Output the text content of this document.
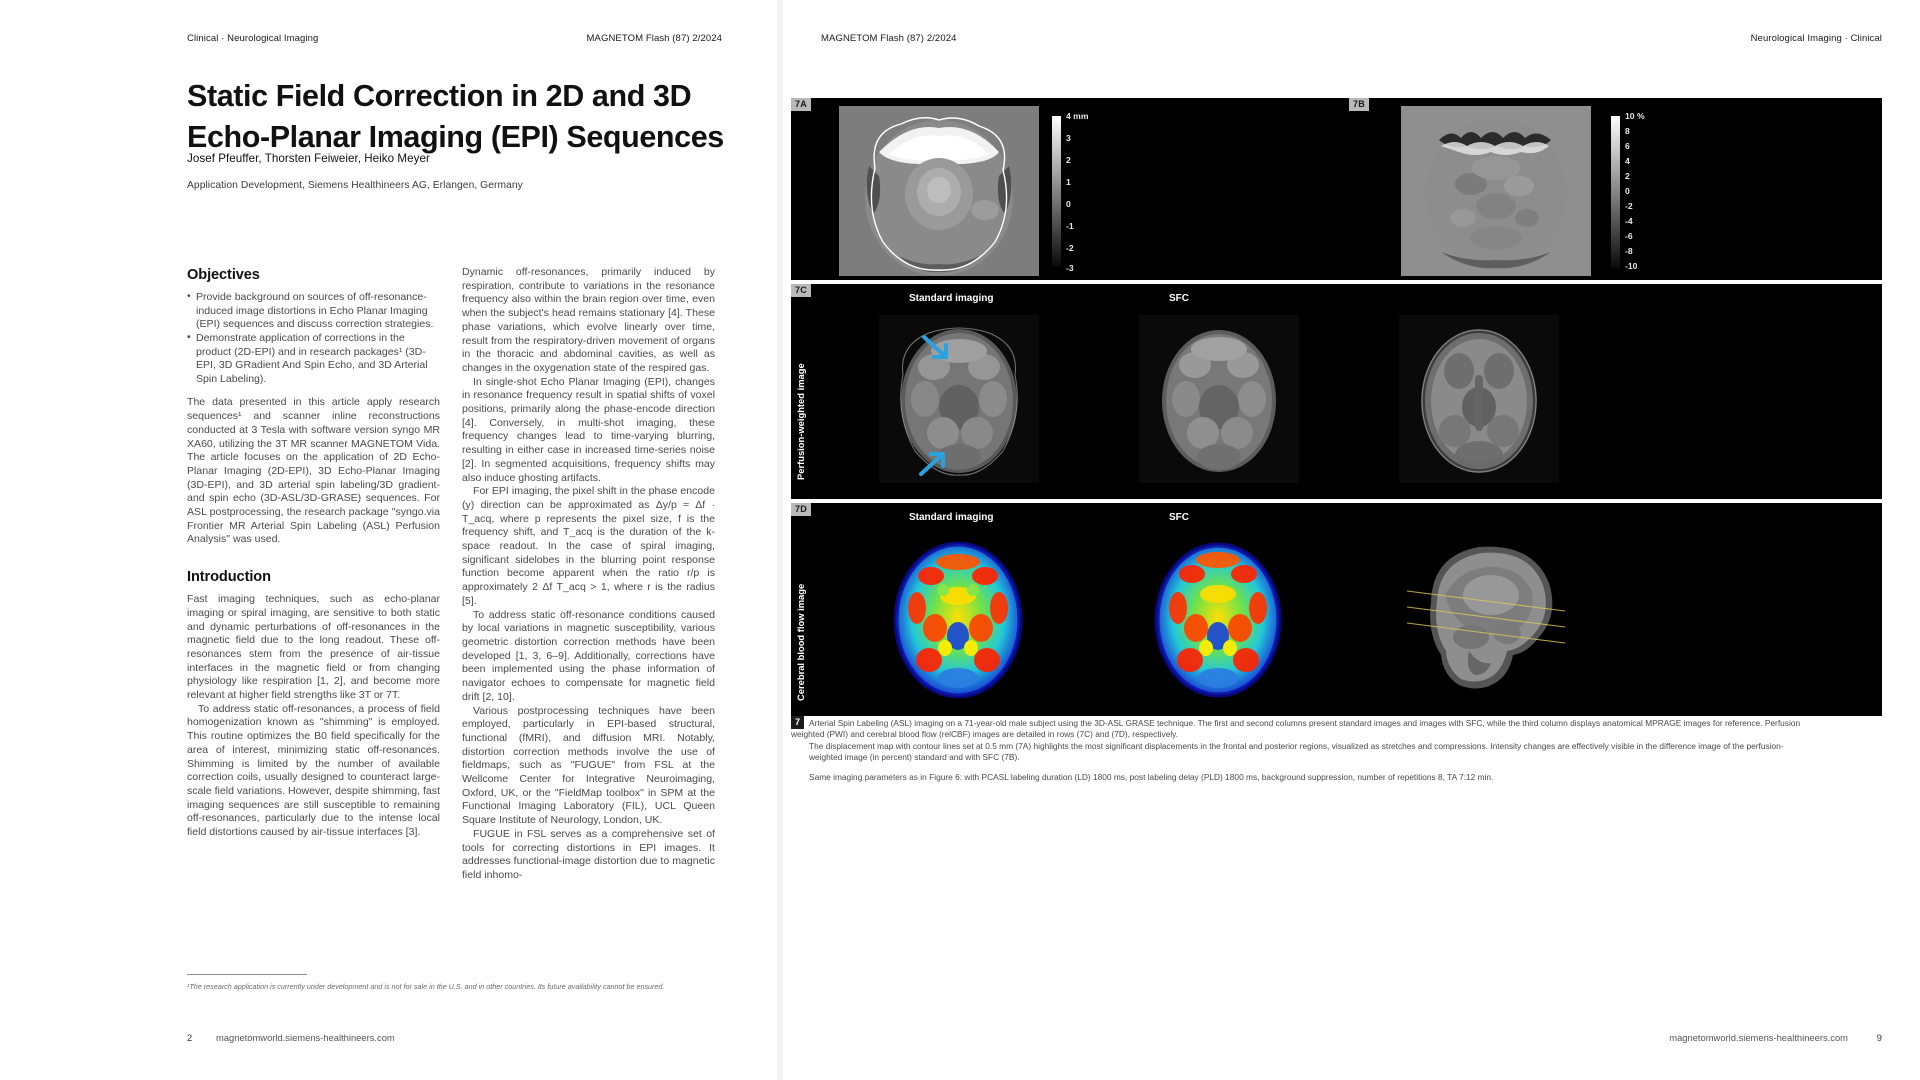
Clinical · Neurological Imaging	MAGNETOM Flash (87) 2/2024
Static Field Correction in 2D and 3D Echo-Planar Imaging (EPI) Sequences
Josef Pfeuffer, Thorsten Feiweier, Heiko Meyer
Application Development, Siemens Healthineers AG, Erlangen, Germany
Objectives
• Provide background on sources of off-resonance-induced image distortions in Echo Planar Imaging (EPI) sequences and discuss correction strategies.
• Demonstrate application of corrections in the product (2D-EPI) and in research packages¹ (3D-EPI, 3D GRadient And Spin Echo, and 3D Arterial Spin Labeling).

The data presented in this article apply research sequences¹ and scanner inline reconstructions conducted at 3 Tesla with software version syngo MR XA60, utilizing the 3T MR scanner MAGNETOM Vida. The article focuses on the application of 2D Echo-Planar Imaging (2D-EPI), 3D Echo-Planar Imaging (3D-EPI), and 3D arterial spin labeling/3D gradient- and spin echo (3D-ASL/3D-GRASE) sequences. For ASL postprocessing, the research package "syngo.via Frontier MR Arterial Spin Labeling (ASL) Perfusion Analysis" was used.

Introduction

Fast imaging techniques, such as echo-planar imaging or spiral imaging, are sensitive to both static and dynamic perturbations of off-resonances in the magnetic field due to the long readout. These off-resonances stem from the presence of air-tissue interfaces in the magnetic field or from changing physiology like respiration [1, 2], and become more relevant at higher field strengths like 3T or 7T.

To address static off-resonances, a process of field homogenization known as "shimming" is employed. This routine optimizes the B0 field specifically for the area of interest, minimizing static off-resonances. Shimming is limited by the number of available correction coils, usually designed to counteract large-scale field variations. However, despite shimming, fast imaging sequences are still susceptible to remaining off-resonances, particularly due to the intense local field distortions caused by air-tissue interfaces [3].

Dynamic off-resonances, primarily induced by respiration, contribute to variations in the resonance frequency also within the brain region over time, even when the subject's head remains stationary [4]. These phase variations, which evolve linearly over time, result from the respiratory-driven movement of organs in the thoracic and abdominal cavities, as well as changes in the oxygenation state of the respired gas.

In single-shot Echo Planar Imaging (EPI), changes in resonance frequency result in spatial shifts of voxel positions, primarily along the phase-encode direction [4]. Conversely, in multi-shot imaging, these frequency changes lead to time-varying blurring, resulting in either case in increased time-series noise [2]. In segmented acquisitions, frequency shifts may also induce ghosting artifacts.

For EPI imaging, the pixel shift in the phase encode (y) direction can be approximated as Δy/p ≈ Δf · T_acq, where p represents the pixel size, f is the frequency shift, and T_acq is the duration of the k-space readout. In the case of spiral imaging, significant sidelobes in the blurring point response function become apparent when the ratio r/p is approximately 2 Δf T_acq > 1, where r is the radius [5].

To address static off-resonance conditions caused by local variations in magnetic susceptibility, various geometric distortion correction methods have been developed [1, 3, 6–9]. Additionally, corrections have been implemented using the phase information of navigator echoes to compensate for magnetic field drift [2, 10].

Various postprocessing techniques have been employed, particularly in EPI-based structural, functional (fMRI), and diffusion MRI. Notably, distortion correction methods involve the use of fieldmaps, such as "FUGUE" from FSL at the Wellcome Center for Integrative Neuroimaging, Oxford, UK, or the "FieldMap toolbox" in SPM at the Functional Imaging Laboratory (FIL), UCL Queen Square Institute of Neurology, London, UK.

FUGUE in FSL serves as a comprehensive set of tools for correcting distortions in EPI images. It addresses functional-image distortion due to magnetic field inhomo-

¹The research application is currently under development and is not for sale in the U.S. and in other countries. Its future availability cannot be ensured.
2	magnetomworld.siemens-healthineers.com
MAGNETOM Flash (87) 2/2024	Neurological Imaging · Clinical
7A	7B
4 mm
3
2
1
0
-1
-2
-3
10 %
8
6
4
2
0
-2
-4
-6
-8
-10
7C
Perfusion-weighted image
Standard imaging	SFC
7D
Cerebral blood flow image
Standard imaging	SFC

7 Arterial Spin Labeling (ASL) imaging on a 71-year-old male subject using the 3D-ASL GRASE technique. The first and second columns present standard images and images with SFC, while the third column displays anatomical MPRAGE images for reference. Perfusion weighted (PWI) and cerebral blood flow (relCBF) images are detailed in rows (7C) and (7D), respectively.

The displacement map with contour lines set at 0.5 mm (7A) highlights the most significant displacements in the frontal and posterior regions, visualized as stretches and compressions. Intensity changes are effectively visible in the difference image of the perfusion-weighted image (in percent) standard and with SFC (7B).

Same imaging parameters as in Figure 6: with PCASL labeling duration (LD) 1800 ms, post labeling delay (PLD) 1800 ms, background suppression, number of repetitions 8, TA 7:12 min.

magnetomworld.siemens-healthineers.com	9
